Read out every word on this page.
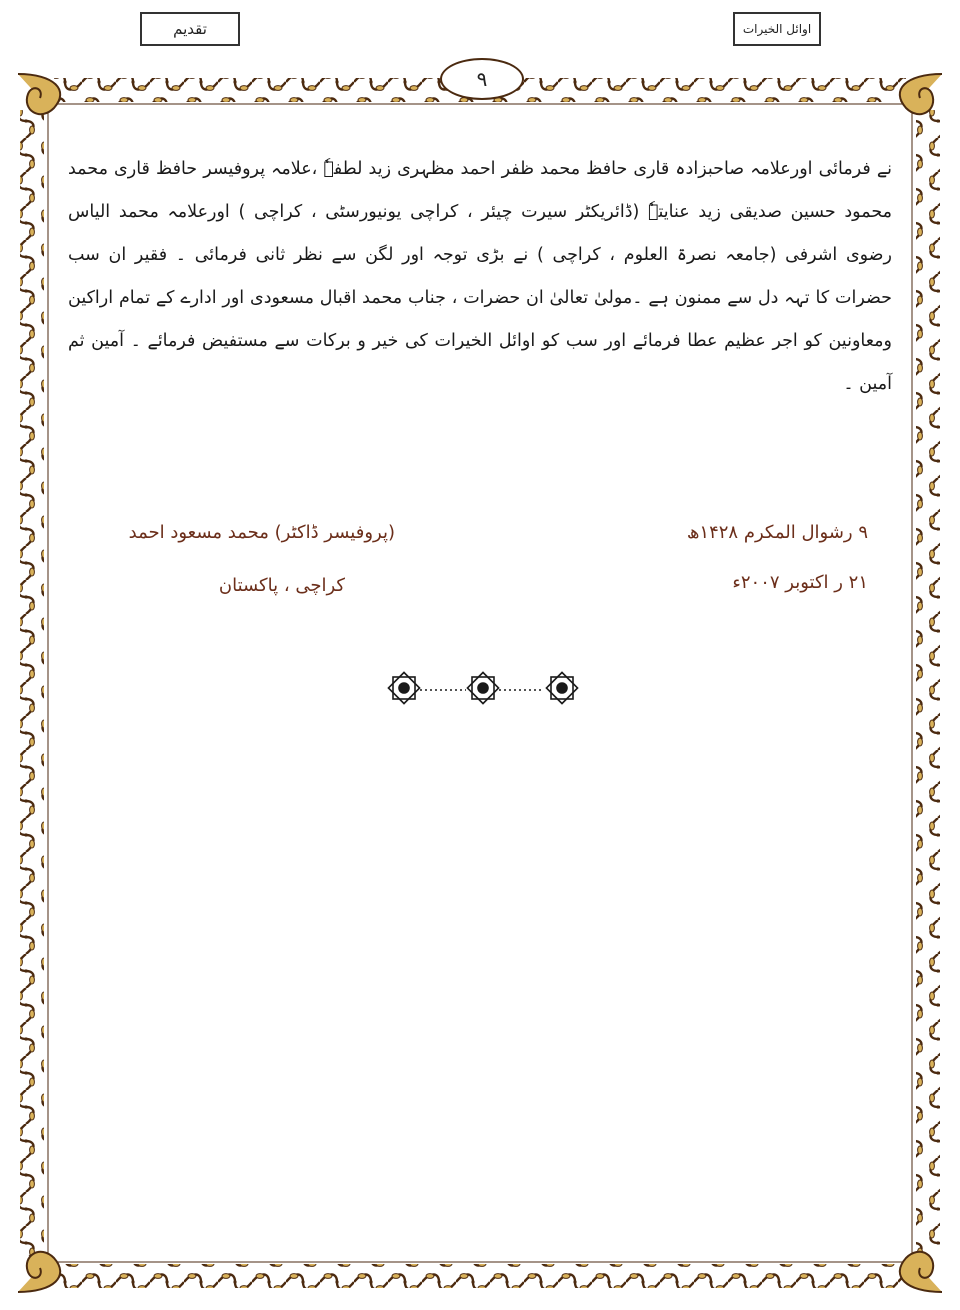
تقدیم	اوائل الخیرات
۹
نے فرمائی اورعلامہ صاحبزادہ قاری حافظ محمد ظفر احمد مظہری زید لطفہٗ ،علامہ پروفیسر حافظ قاری محمد محمود حسین صدیقی زید عنایتہٗ (ڈائریکٹر سیرت چیئر ، کراچی یونیورسٹی ، کراچی ) اورعلامہ محمد الیاس رضوی اشرفی (جامعہ نصرۃ العلوم ، کراچی ) نے بڑی توجہ اور لگن سے نظر ثانی فرمائی ۔ فقیر ان سب حضرات کا تہہ دل سے ممنون ہے ۔مولیٰ تعالیٰ ان حضرات ، جناب محمد اقبال مسعودی اور ادارے کے تمام اراکین ومعاونین کو اجر عظیم عطا فرمائے اور سب کو اوائل الخیرات کی خیر و برکات سے مستفیض فرمائے ۔ آمین ثم آمین ۔
(پروفیسر ڈاکٹر) محمد مسعود احمد
کراچی ، پاکستان
۹ رشوال المکرم ۱۴۲۸ھ
۲۱ ر اکتوبر ۲۰۰۷ء
